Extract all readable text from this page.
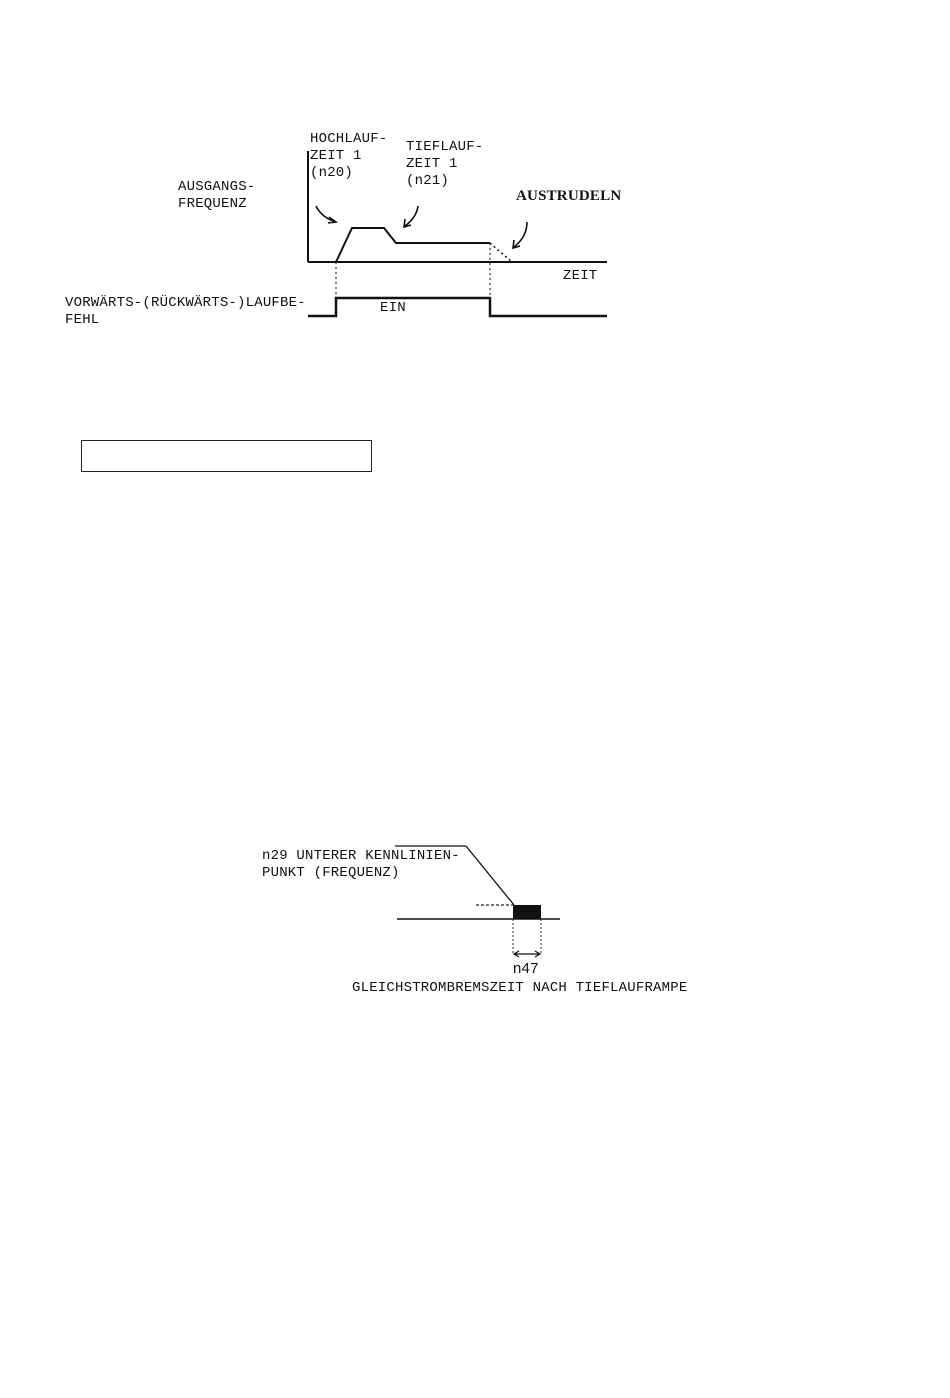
HOCHLAUF-
ZEIT 1
(n20)
TIEFLAUF-
ZEIT 1
(n21)
AUSGANGS-
FREQUENZ	AUSTRUDELN
ZEIT
VORWÄRTS-(RÜCKWÄRTS-)LAUFBE-
FEHL
EIN
n29 UNTERER KENNLINIEN-
PUNKT (FREQUENZ)
n47
GLEICHSTROMBREMSZEIT NACH TIEFLAUFRAMPE
